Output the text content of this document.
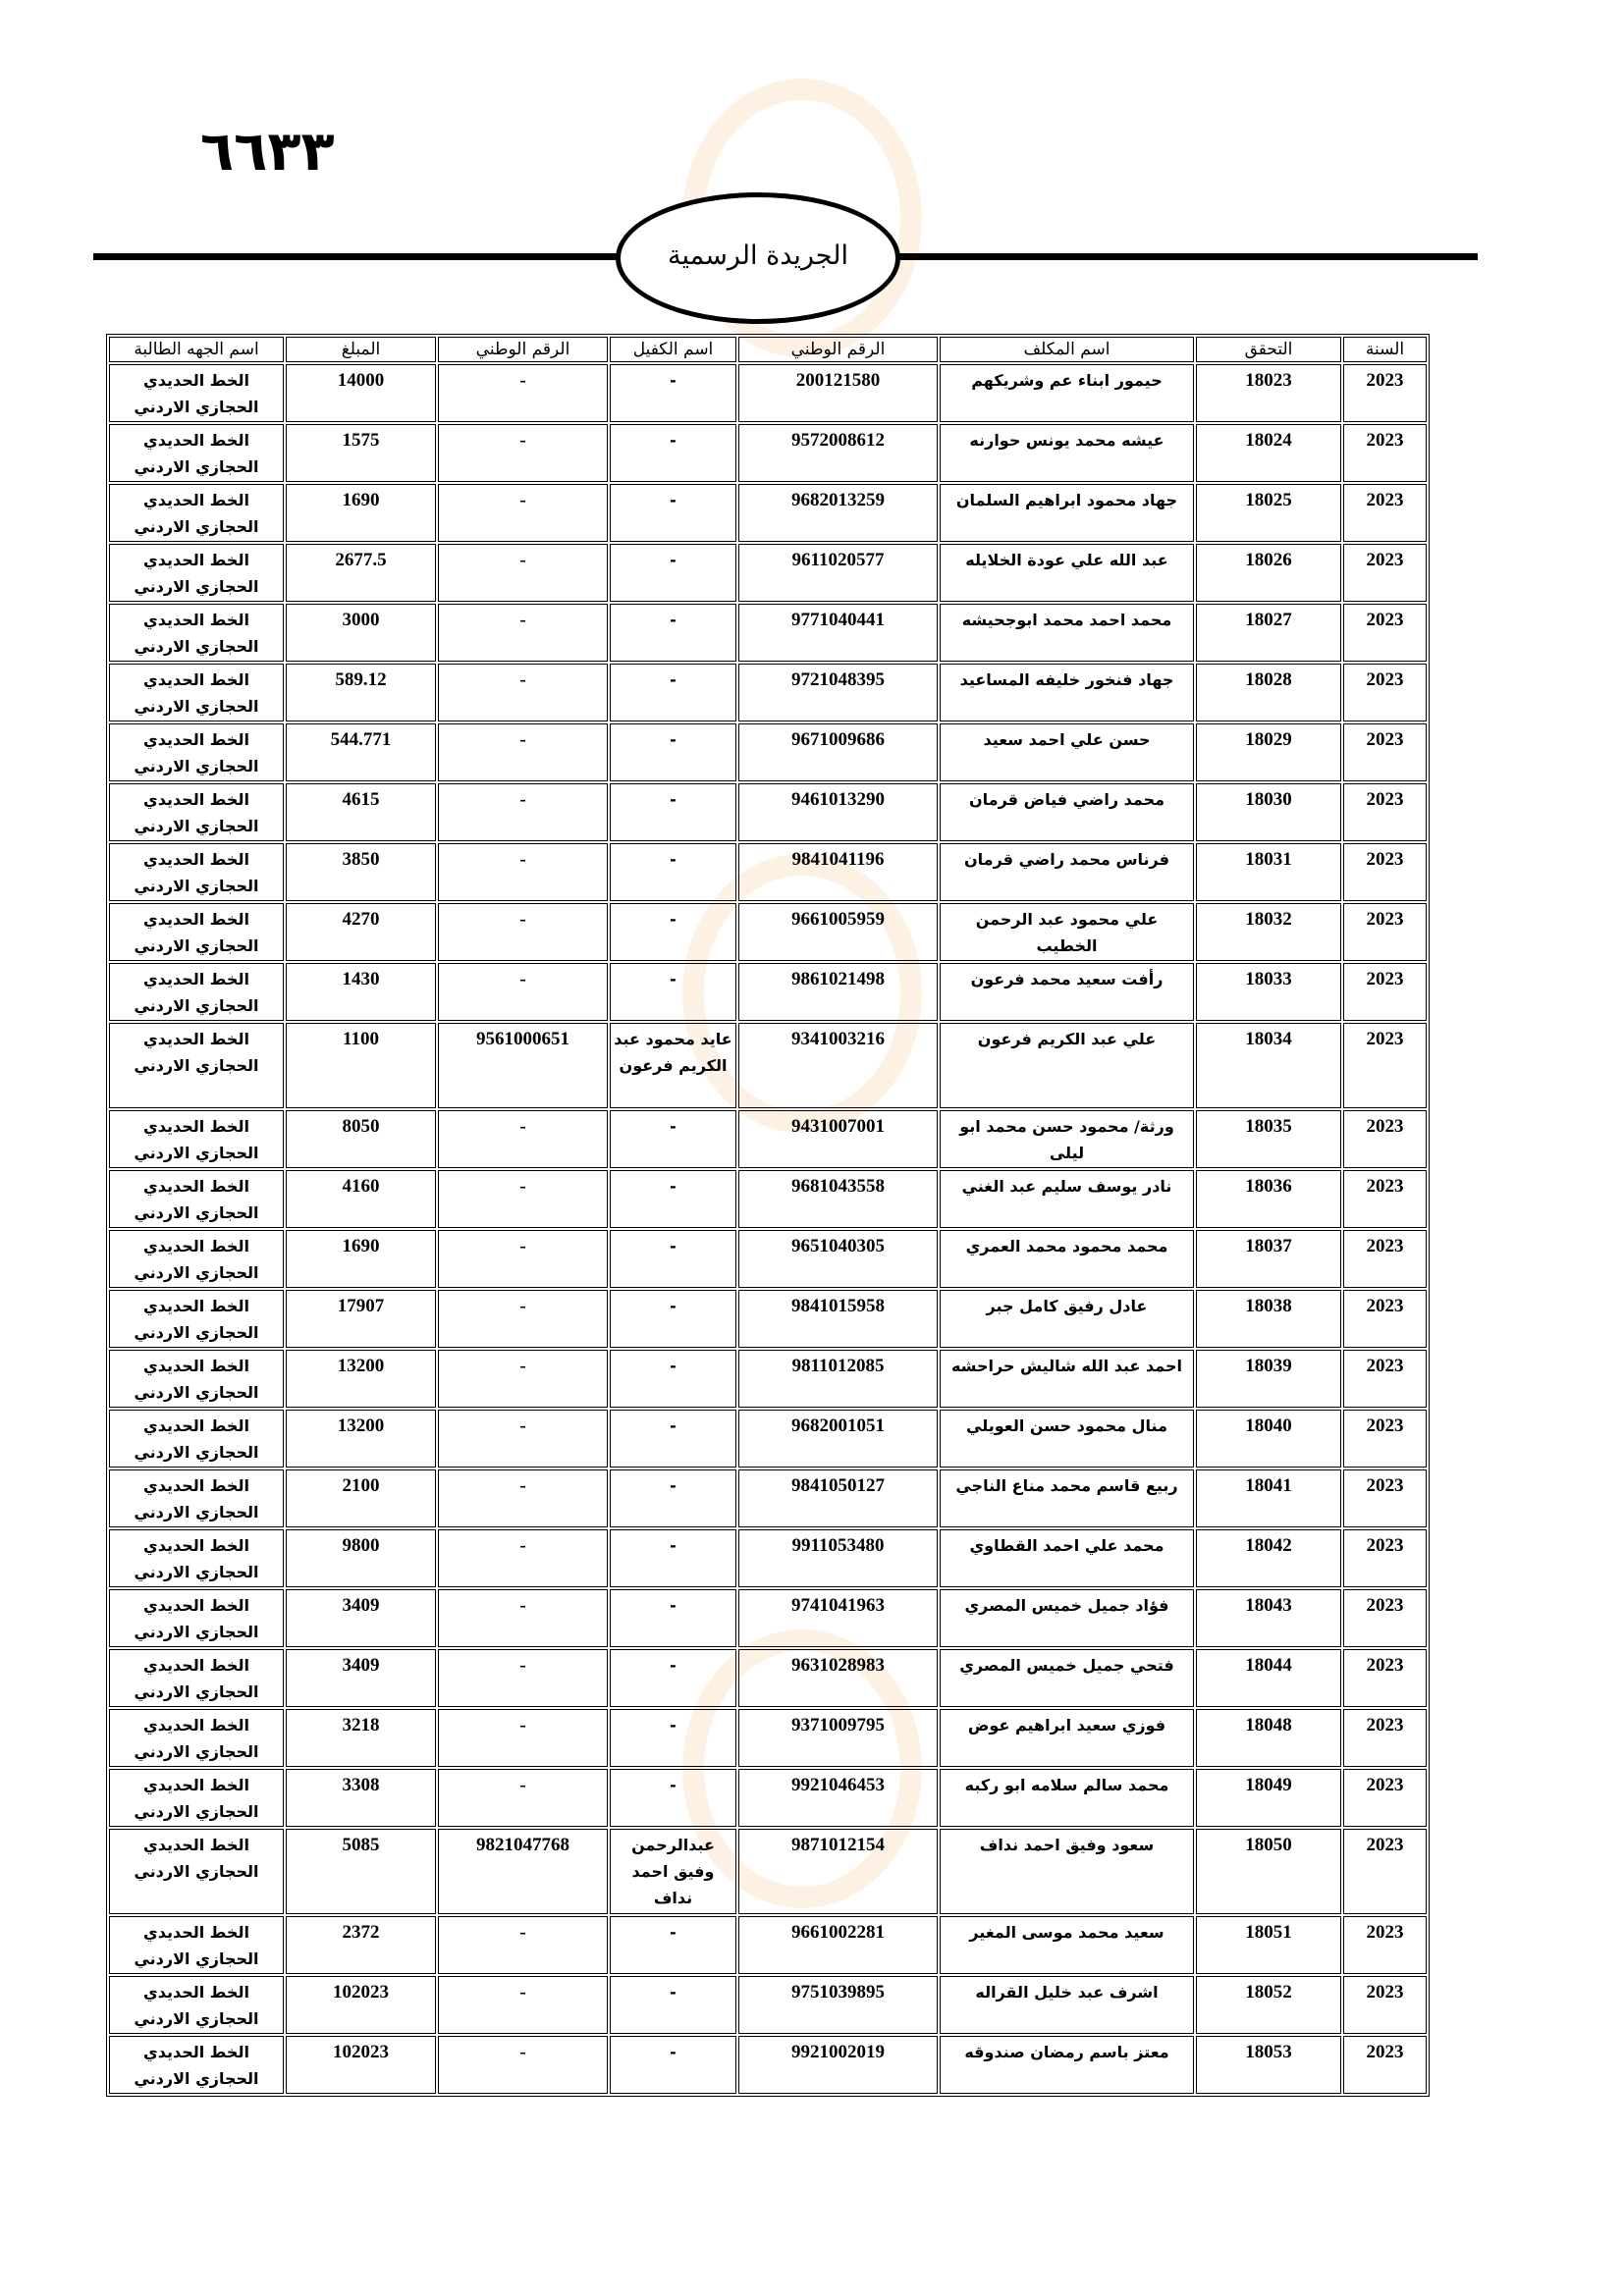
٦٦٣٣
الجريدة الرسمية
السنة	التحقق	اسم المكلف	الرقم الوطني	اسم الكفيل	الرقم الوطني	المبلغ	اسم الجهه الطالبة
2023	18023	حيمور ابناء عم وشريكهم	200121580	-	-	14000	الخط الحديدي الحجازي الاردني
2023	18024	عيشه محمد يونس حوارنه	9572008612	-	-	1575	الخط الحديدي الحجازي الاردني
2023	18025	جهاد محمود ابراهيم السلمان	9682013259	-	-	1690	الخط الحديدي الحجازي الاردني
2023	18026	عبد الله علي عودة الخلايله	9611020577	-	-	2677.5	الخط الحديدي الحجازي الاردني
2023	18027	محمد احمد محمد ابوجحيشه	9771040441	-	-	3000	الخط الحديدي الحجازي الاردني
2023	18028	جهاد فنخور خليفه المساعيد	9721048395	-	-	589.12	الخط الحديدي الحجازي الاردني
2023	18029	حسن علي احمد سعيد	9671009686	-	-	544.771	الخط الحديدي الحجازي الاردني
2023	18030	محمد راضي فياض قرمان	9461013290	-	-	4615	الخط الحديدي الحجازي الاردني
2023	18031	فرناس محمد راضي قرمان	9841041196	-	-	3850	الخط الحديدي الحجازي الاردني
2023	18032	علي محمود عبد الرحمن الخطيب	9661005959	-	-	4270	الخط الحديدي الحجازي الاردني
2023	18033	رأفت سعيد محمد فرعون	9861021498	-	-	1430	الخط الحديدي الحجازي الاردني
2023	18034	علي عبد الكريم فرعون	9341003216	عايد محمود عبد الكريم فرعون	9561000651	1100	الخط الحديدي الحجازي الاردني
2023	18035	ورثة/ محمود حسن محمد ابو ليلى	9431007001	-	-	8050	الخط الحديدي الحجازي الاردني
2023	18036	نادر يوسف سليم عبد الغني	9681043558	-	-	4160	الخط الحديدي الحجازي الاردني
2023	18037	محمد محمود محمد العمري	9651040305	-	-	1690	الخط الحديدي الحجازي الاردني
2023	18038	عادل رفيق كامل جبر	9841015958	-	-	17907	الخط الحديدي الحجازي الاردني
2023	18039	احمد عبد الله شاليش حراحشه	9811012085	-	-	13200	الخط الحديدي الحجازي الاردني
2023	18040	منال محمود حسن العويلي	9682001051	-	-	13200	الخط الحديدي الحجازي الاردني
2023	18041	ربيع قاسم محمد مناع الناجي	9841050127	-	-	2100	الخط الحديدي الحجازي الاردني
2023	18042	محمد علي احمد القطاوي	9911053480	-	-	9800	الخط الحديدي الحجازي الاردني
2023	18043	فؤاد جميل خميس المصري	9741041963	-	-	3409	الخط الحديدي الحجازي الاردني
2023	18044	فتحي جميل خميس المصري	9631028983	-	-	3409	الخط الحديدي الحجازي الاردني
2023	18048	فوزي سعيد ابراهيم عوض	9371009795	-	-	3218	الخط الحديدي الحجازي الاردني
2023	18049	محمد سالم سلامه ابو ركبه	9921046453	-	-	3308	الخط الحديدي الحجازي الاردني
2023	18050	سعود وفيق احمد نداف	9871012154	عبدالرحمن وفيق احمد نداف	9821047768	5085	الخط الحديدي الحجازي الاردني
2023	18051	سعيد محمد موسى المغير	9661002281	-	-	2372	الخط الحديدي الحجازي الاردني
2023	18052	اشرف عبد خليل القراله	9751039895	-	-	102023	الخط الحديدي الحجازي الاردني
2023	18053	معتز باسم رمضان صندوقه	9921002019	-	-	102023	الخط الحديدي الحجازي الاردني
